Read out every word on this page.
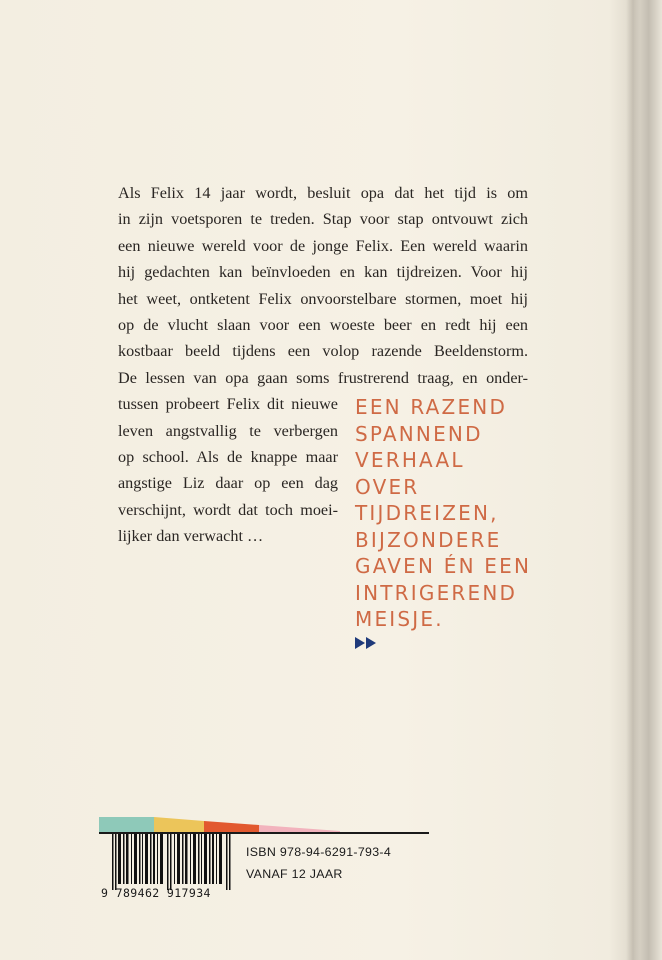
Als Felix 14 jaar wordt, besluit opa dat het tijd is om
in zijn voetsporen te treden. Stap voor stap ontvouwt zich
een nieuwe wereld voor de jonge Felix. Een wereld waarin
hij gedachten kan beïnvloeden en kan tijdreizen. Voor hij
het weet, ontketent Felix onvoorstelbare stormen, moet hij
op de vlucht slaan voor een woeste beer en redt hij een
kostbaar beeld tijdens een volop razende Beeldenstorm.
De lessen van opa gaan soms frustrerend traag, en onder-
tussen probeert Felix dit nieuwe
leven angstvallig te verbergen
op school. Als de knappe maar
angstige Liz daar op een dag
verschijnt, wordt dat toch moei-
lijker dan verwacht …
EEN RAZEND
SPANNEND
VERHAAL
OVER
TIJDREIZEN,
BIJZONDERE
GAVEN ÉN EEN
INTRIGEREND
MEISJE.
9 789462 917934
ISBN 978-94-6291-793-4
VANAF 12 JAAR
